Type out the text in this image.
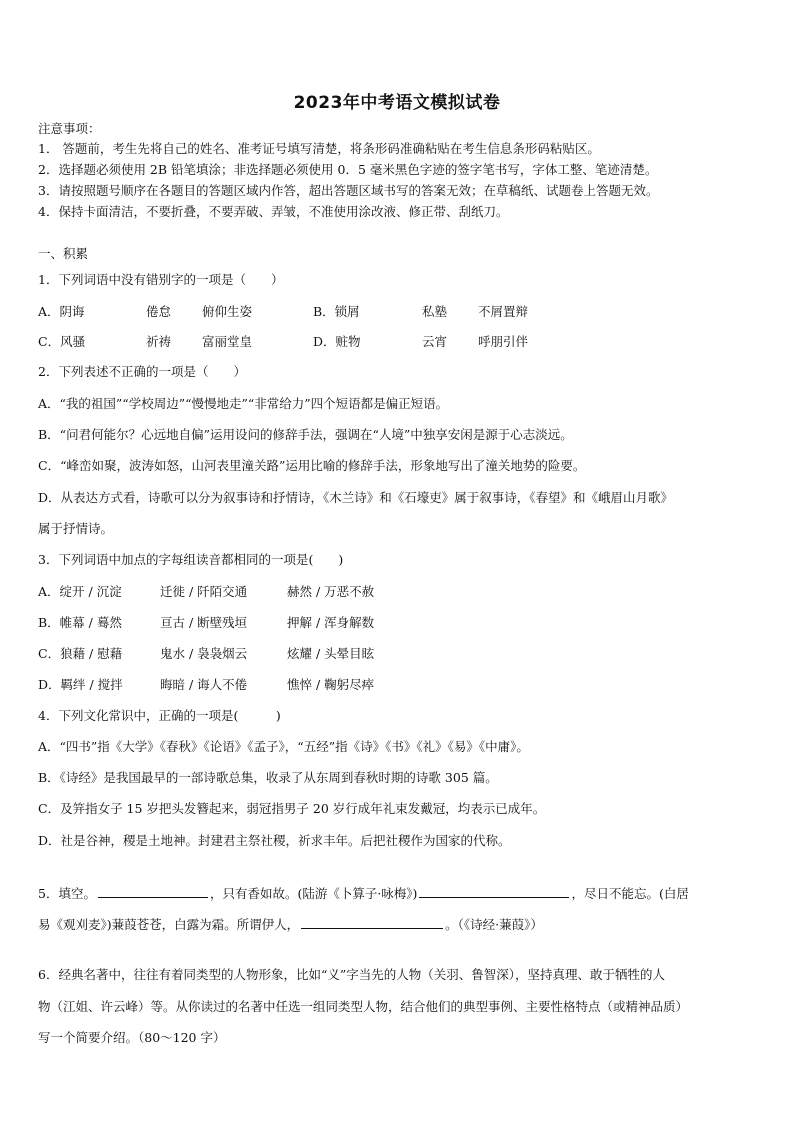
2023年中考语文模拟试卷
注意事项：
1． 答题前，考生先将自己的姓名、准考证号填写清楚，将条形码准确粘贴在考生信息条形码粘贴区。
2．选择题必须使用 2B 铅笔填涂；非选择题必须使用 0．5 毫米黑色字迹的签字笔书写，字体工整、笔迹清楚。
3．请按照题号顺序在各题目的答题区域内作答，超出答题区域书写的答案无效；在草稿纸、试题卷上答题无效。
4．保持卡面清洁，不要折叠，不要弄破、弄皱，不准使用涂改液、修正带、刮纸刀。
一、积累
1．下列词语中没有错别字的一项是（　　）
A．阴诲	倦怠 俯仰生姿	B．锁屑	私塾 不屑置辩
C．风骚	祈祷 富丽堂皇	D．赃物	云宵 呼朋引伴
2．下列表述不正确的一项是（　　）
A．“我的祖国”“学校周边”“慢慢地走”“非常给力”四个短语都是偏正短语。
B．“问君何能尔？心远地自偏”运用设问的修辞手法，强调在“人境”中独享安闲是源于心志淡远。
C．“峰峦如聚，波涛如怒，山河表里潼关路”运用比喻的修辞手法，形象地写出了潼关地势的险要。
D．从表达方式看，诗歌可以分为叙事诗和抒情诗，《木兰诗》和《石壕吏》属于叙事诗，《春望》和《峨眉山月歌》
属于抒情诗。
3．下列词语中加点的字每组读音都相同的一项是(　　)
A．绽开 / 沉淀	迁徙 / 阡陌交通	赫然 / 万恶不赦
B．帷幕 / 蓦然	亘古 / 断壁残垣	押解 / 浑身解数
C．狼藉 / 慰藉	鬼水 / 袅袅烟云	炫耀 / 头晕目眩
D．羁绊 / 搅拌	晦暗 / 诲人不倦	憔悴 / 鞠躬尽瘁
4．下列文化常识中，正确的一项是(　　　)
A．“四书”指《大学》《春秋》《论语》《孟子》，“五经”指《诗》《书》《礼》《易》《中庸》。
B．《诗经》是我国最早的一部诗歌总集，收录了从东周到春秋时期的诗歌 305 篇。
C．及笄指女子 15 岁把头发簪起来，弱冠指男子 20 岁行成年礼束发戴冠，均表示已成年。
D．社是谷神，稷是土地神。封建君主祭社稷，祈求丰年。后把社稷作为国家的代称。
5．填空。	，只有香如故。(陆游《卜算子·咏梅》)	，尽日不能忘。(白居
易《观刈麦》)蒹葭苍苍，白露为霜。所谓伊人，	。（《诗经·蒹葭》）
6．经典名著中，往往有着同类型的人物形象，比如“义”字当先的人物（关羽、鲁智深），坚持真理、敢于牺牲的人
物（江姐、许云峰）等。从你读过的名著中任选一组同类型人物，结合他们的典型事例、主要性格特点（或精神品质）
写一个简要介绍。（80～120 字）
